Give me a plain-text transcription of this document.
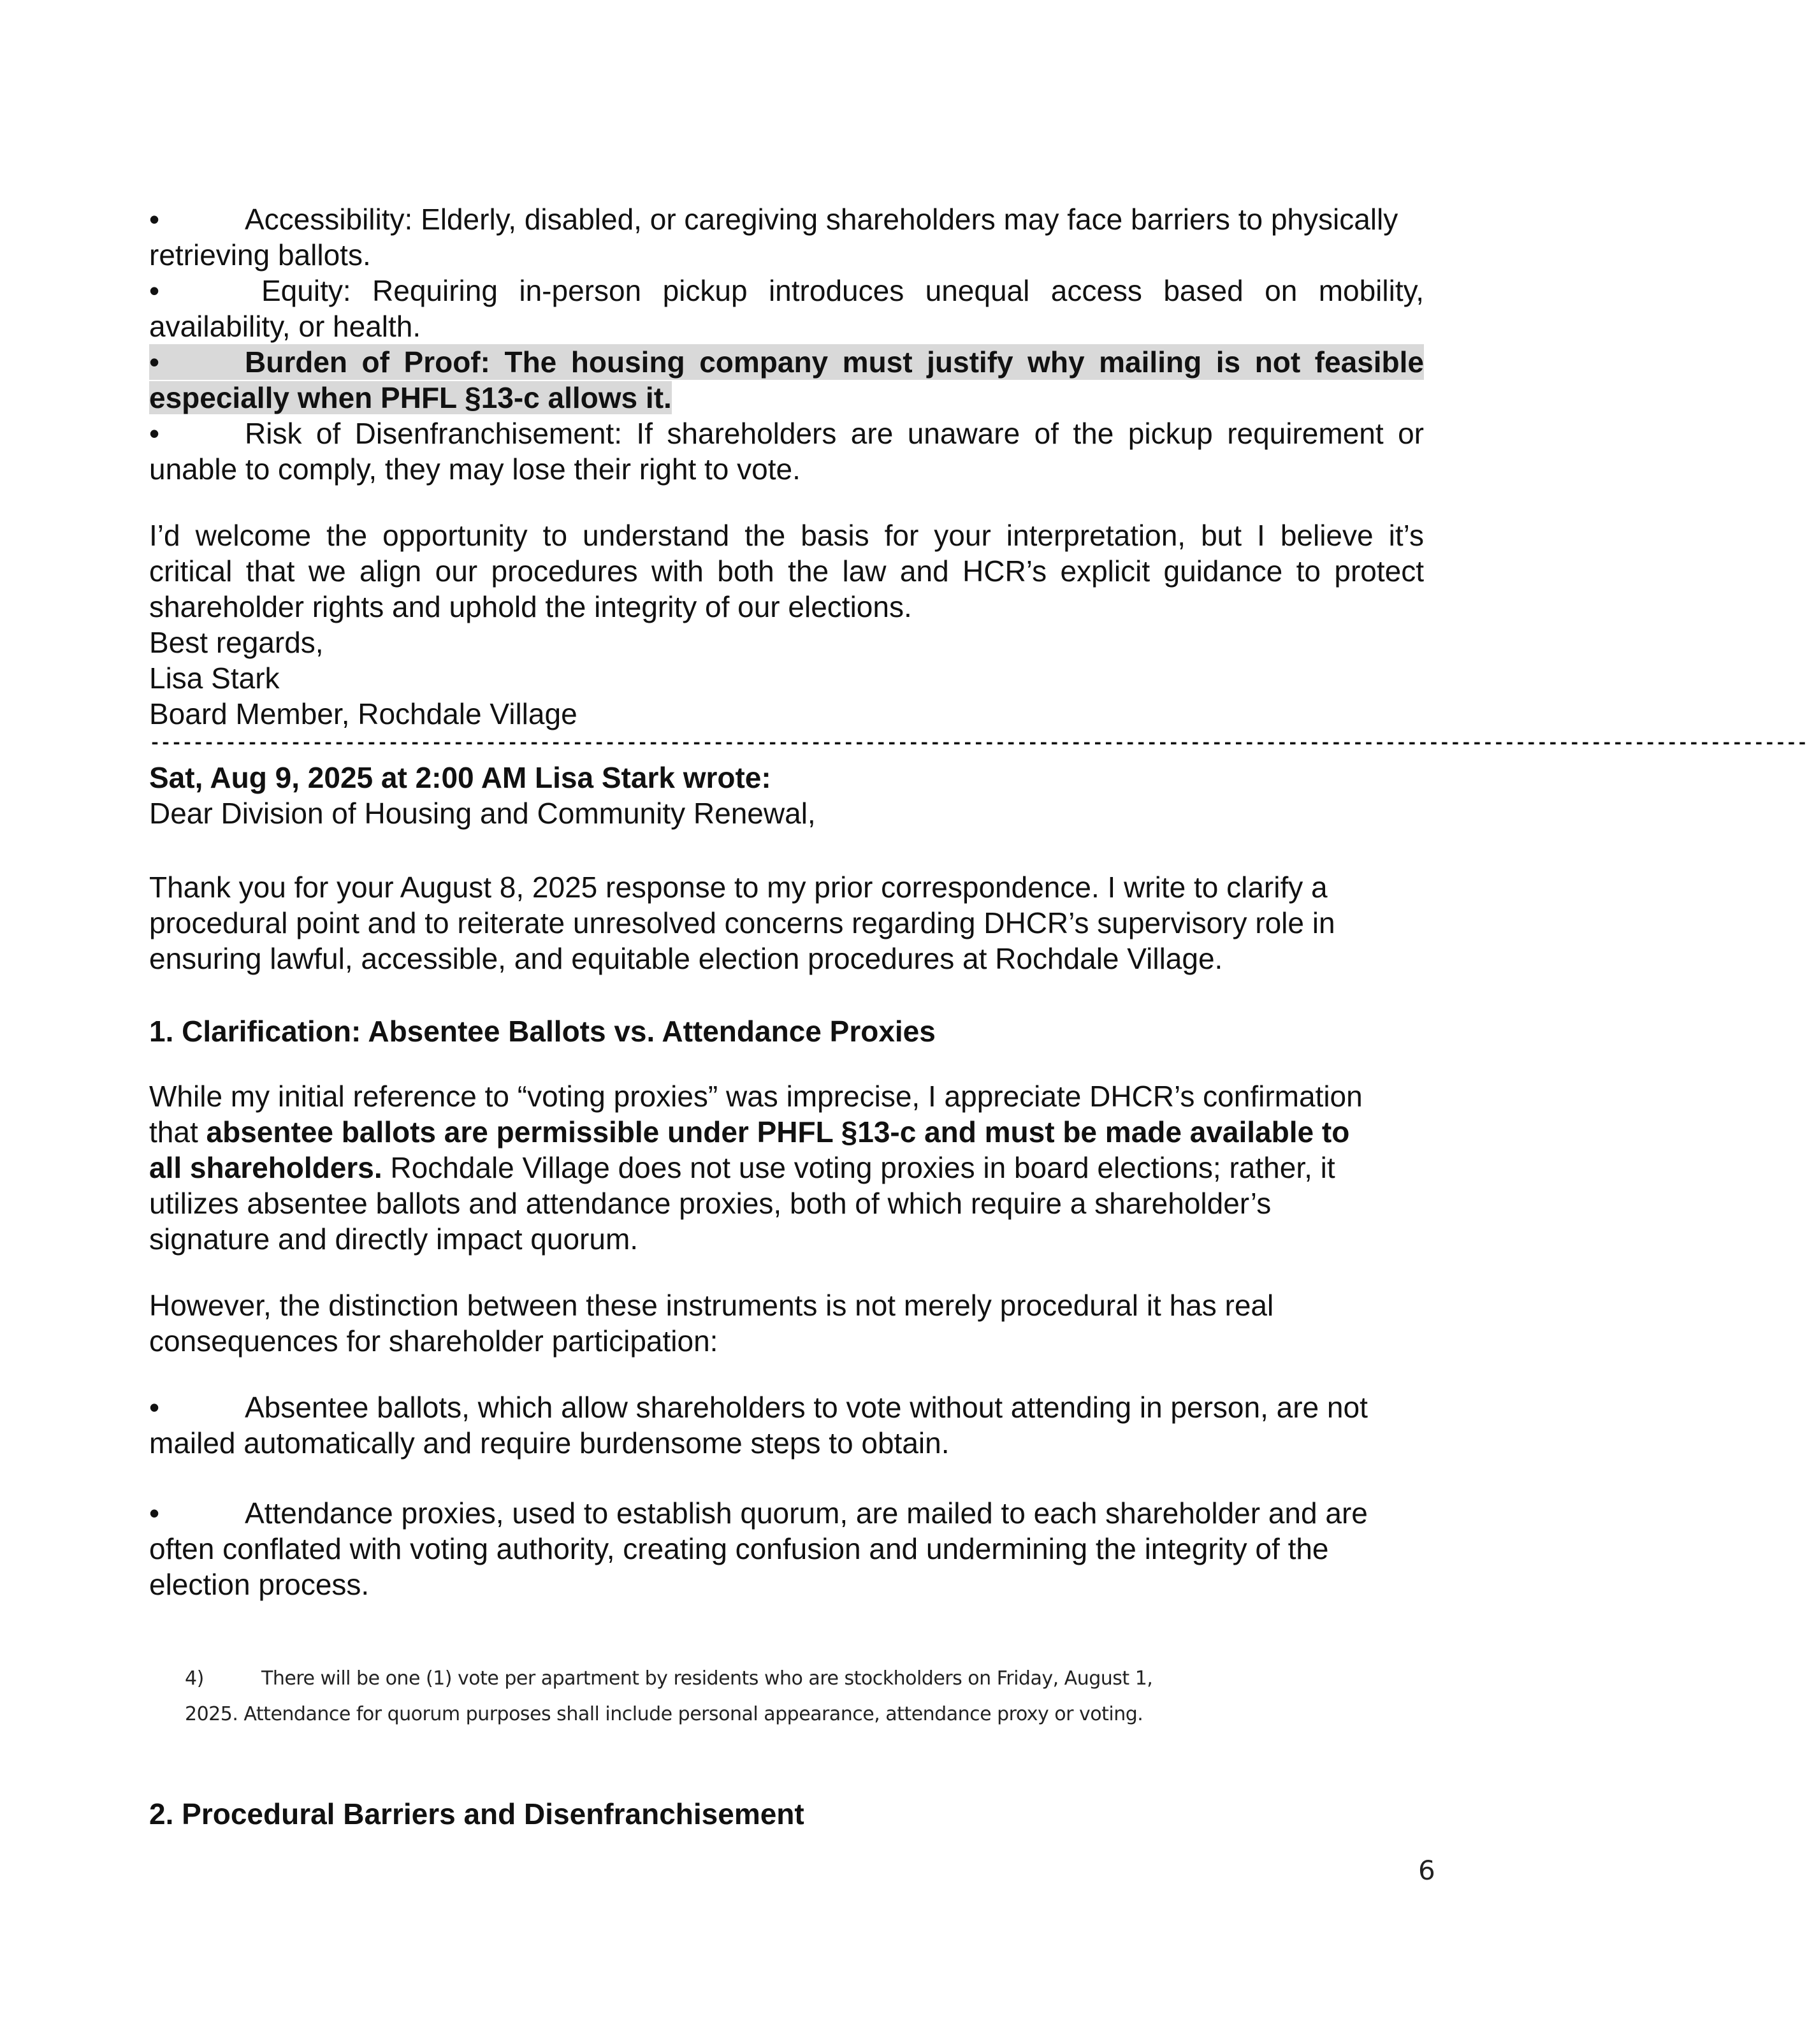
•	Accessibility: Elderly, disabled, or caregiving shareholders may face barriers to physically
retrieving ballots.
•	Equity: Requiring in-person pickup introduces unequal access based on mobility,
availability, or health.
•	Burden of Proof: The housing company must justify why mailing is not feasible
especially when PHFL §13-c allows it.
•	Risk of Disenfranchisement: If shareholders are unaware of the pickup requirement or
unable to comply, they may lose their right to vote.
I’d welcome the opportunity to understand the basis for your interpretation, but I believe it’s
critical that we align our procedures with both the law and HCR’s explicit guidance to protect
shareholder rights and uphold the integrity of our elections.
Best regards,
Lisa Stark
Board Member, Rochdale Village
---------------------------------------------------------------------------------------------------------------------------------------------------------
Sat, Aug 9, 2025 at 2:00 AM Lisa Stark wrote:
Dear Division of Housing and Community Renewal,
Thank you for your August 8, 2025 response to my prior correspondence. I write to clarify a
procedural point and to reiterate unresolved concerns regarding DHCR’s supervisory role in
ensuring lawful, accessible, and equitable election procedures at Rochdale Village.
1. Clarification: Absentee Ballots vs. Attendance Proxies
While my initial reference to “voting proxies” was imprecise, I appreciate DHCR’s confirmation
that absentee ballots are permissible under PHFL §13-c and must be made available to
all shareholders. Rochdale Village does not use voting proxies in board elections; rather, it
utilizes absentee ballots and attendance proxies, both of which require a shareholder’s
signature and directly impact quorum.
However, the distinction between these instruments is not merely procedural it has real
consequences for shareholder participation:
•	Absentee ballots, which allow shareholders to vote without attending in person, are not
mailed automatically and require burdensome steps to obtain.
•	Attendance proxies, used to establish quorum, are mailed to each shareholder and are
often conflated with voting authority, creating confusion and undermining the integrity of the
election process.
4)	There will be one (1) vote per apartment by residents who are stockholders on Friday, August 1,
2025. Attendance for quorum purposes shall include personal appearance, attendance proxy or voting.
2. Procedural Barriers and Disenfranchisement
6
